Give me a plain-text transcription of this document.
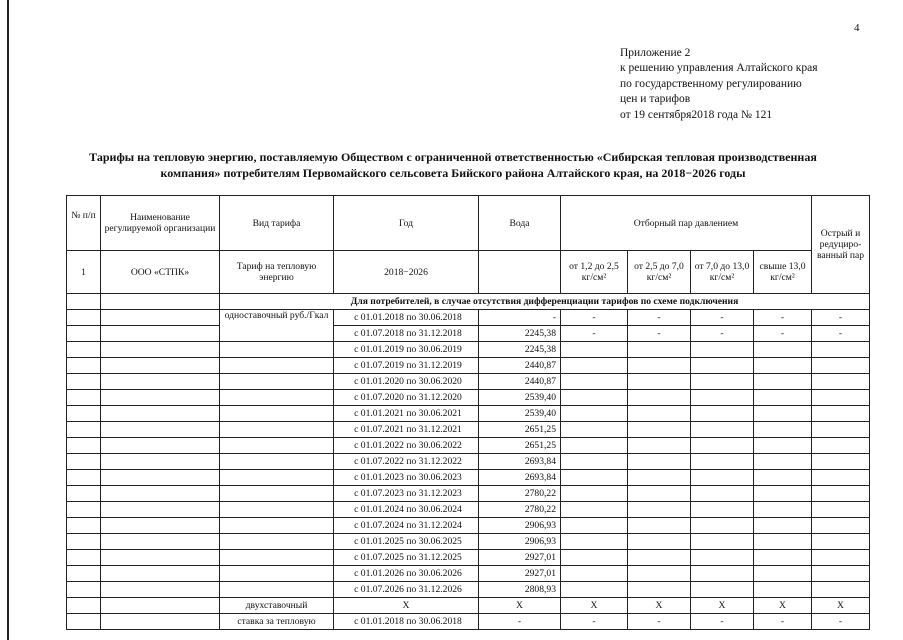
4
Приложение 2
к решению управления Алтайского края
по государственному регулированию
цен и тарифов
от 19 сентября2018 года № 121
Тарифы на тепловую энергию, поставляемую Обществом с ограниченной ответственностью «Сибирская тепловая производственная
компания» потребителям Первомайского сельсовета Бийского района Алтайского края, на 2018−2026 годы
№ п/п	Наименование регулируемой организации	Вид тарифа	Год	Вода	Отборный пар давлением				Острый и редуциро-ванный пар
1	ООО «СТПК»	Тариф на тепловую энергию	2018−2026		от 1,2 до 2,5 кг/см²	от 2,5 до 7,0 кг/см²	от 7,0 до 13,0 кг/см²	свыше 13,0 кг/см²	
		Для потребителей, в случае отсутствия дифференциации тарифов по схеме подключения							
		одноставочный руб./Гкал	с 01.01.2018 по 30.06.2018	-	-	-	-	-	-
			с 01.07.2018 по 31.12.2018	2245,38	-	-	-	-	-
			с 01.01.2019 по 30.06.2019	2245,38					
			с 01.07.2019 по 31.12.2019	2440,87					
			с 01.01.2020 по 30.06.2020	2440,87					
			с 01.07.2020 по 31.12.2020	2539,40					
			с 01.01.2021 по 30.06.2021	2539,40					
			с 01.07.2021 по 31.12.2021	2651,25					
			с 01.01.2022 по 30.06.2022	2651,25					
			с 01.07.2022 по 31.12.2022	2693,84					
			с 01.01.2023 по 30.06.2023	2693,84					
			с 01.07.2023 по 31.12.2023	2780,22					
			с 01.01.2024 по 30.06.2024	2780,22					
			с 01.07.2024 по 31.12.2024	2906,93					
			с 01.01.2025 по 30.06.2025	2906,93					
			с 01.07.2025 по 31.12.2025	2927,01					
			с 01.01.2026 по 30.06.2026	2927,01					
			с 01.07.2026 по 31.12.2026	2808,93					
		двухставочный	X	X	X	X	X	X	X
		ставка за тепловую	с 01.01.2018 по 30.06.2018	-	-	-	-	-	-
